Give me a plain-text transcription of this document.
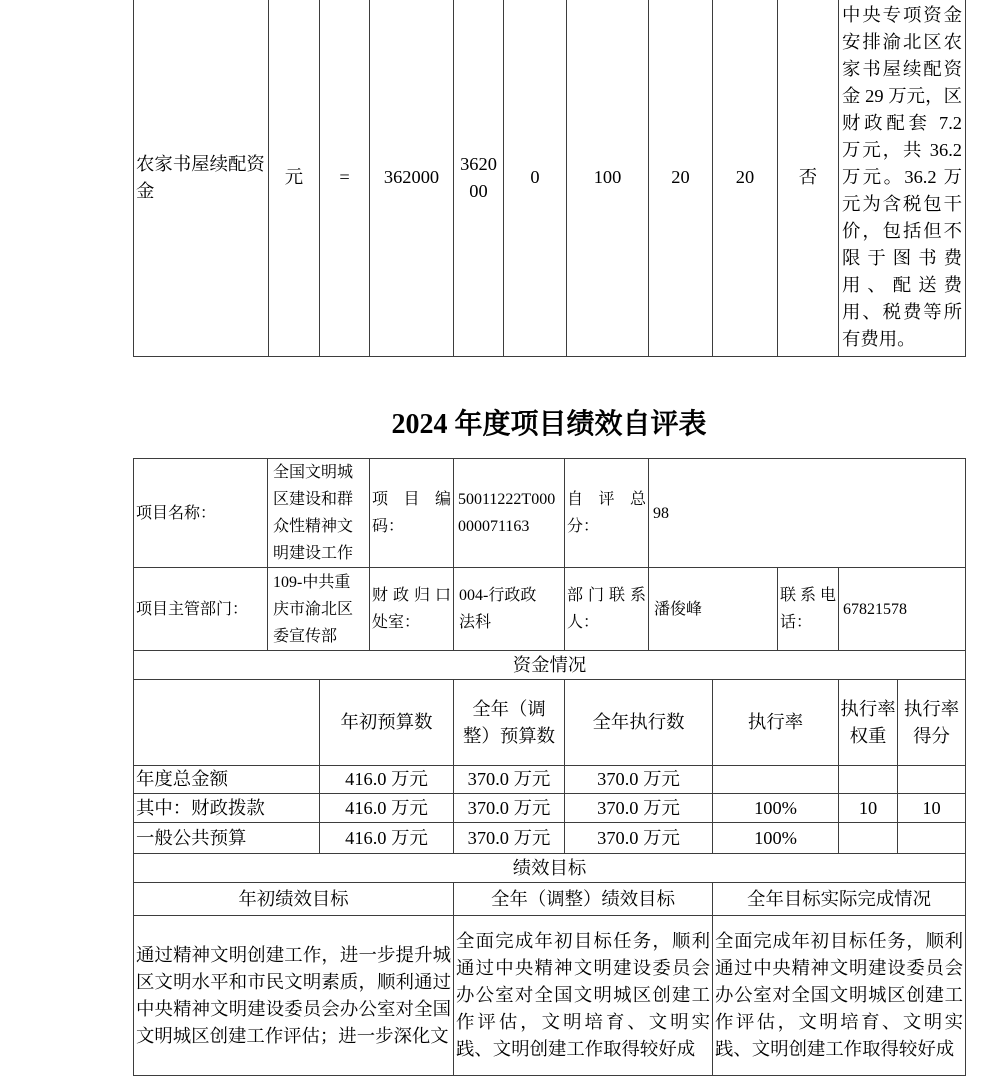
农家书屋续配资金	元	=	362000	362000	0	100	20	20	否	中央专项资金安排渝北区农家书屋续配资金 29 万元，区财政配套 7.2 万元，共 36.2 万元。36.2 万元为含税包干价，包括但不限于图书费用、配送费用、税费等所有费用。
2024 年度项目绩效自评表
项目名称：	全国文明城区建设和群众性精神文明建设工作		项目编码：	50011222T000000071163	自评总分：	98				
项目主管部门：	109-中共重庆市渝北区委宣传部		财政归口处室：	004-行政政法科	部门联系人：	潘俊峰		联系电话：	67821578	
资金情况										
		年初预算数		全年（调整）预算数	全年执行数		执行率		执行率权重	执行率得分
年度总金额		416.0 万元		370.0 万元	370.0 万元					
其中：财政拨款		416.0 万元		370.0 万元	370.0 万元		100%		10	10
一般公共预算		416.0 万元		370.0 万元	370.0 万元		100%			
绩效目标										
年初绩效目标				全年（调整）绩效目标			全年目标实际完成情况			
通过精神文明创建工作，进一步提升城区文明水平和市民文明素质，顺利通过中央精神文明建设委员会办公室对全国文明城区创建工作评估；进一步深化文				全面完成年初目标任务，顺利通过中央精神文明建设委员会办公室对全国文明城区创建工作评估，文明培育、文明实践、文明创建工作取得较好成			全面完成年初目标任务，顺利通过中央精神文明建设委员会办公室对全国文明城区创建工作评估，文明培育、文明实践、文明创建工作取得较好成			
